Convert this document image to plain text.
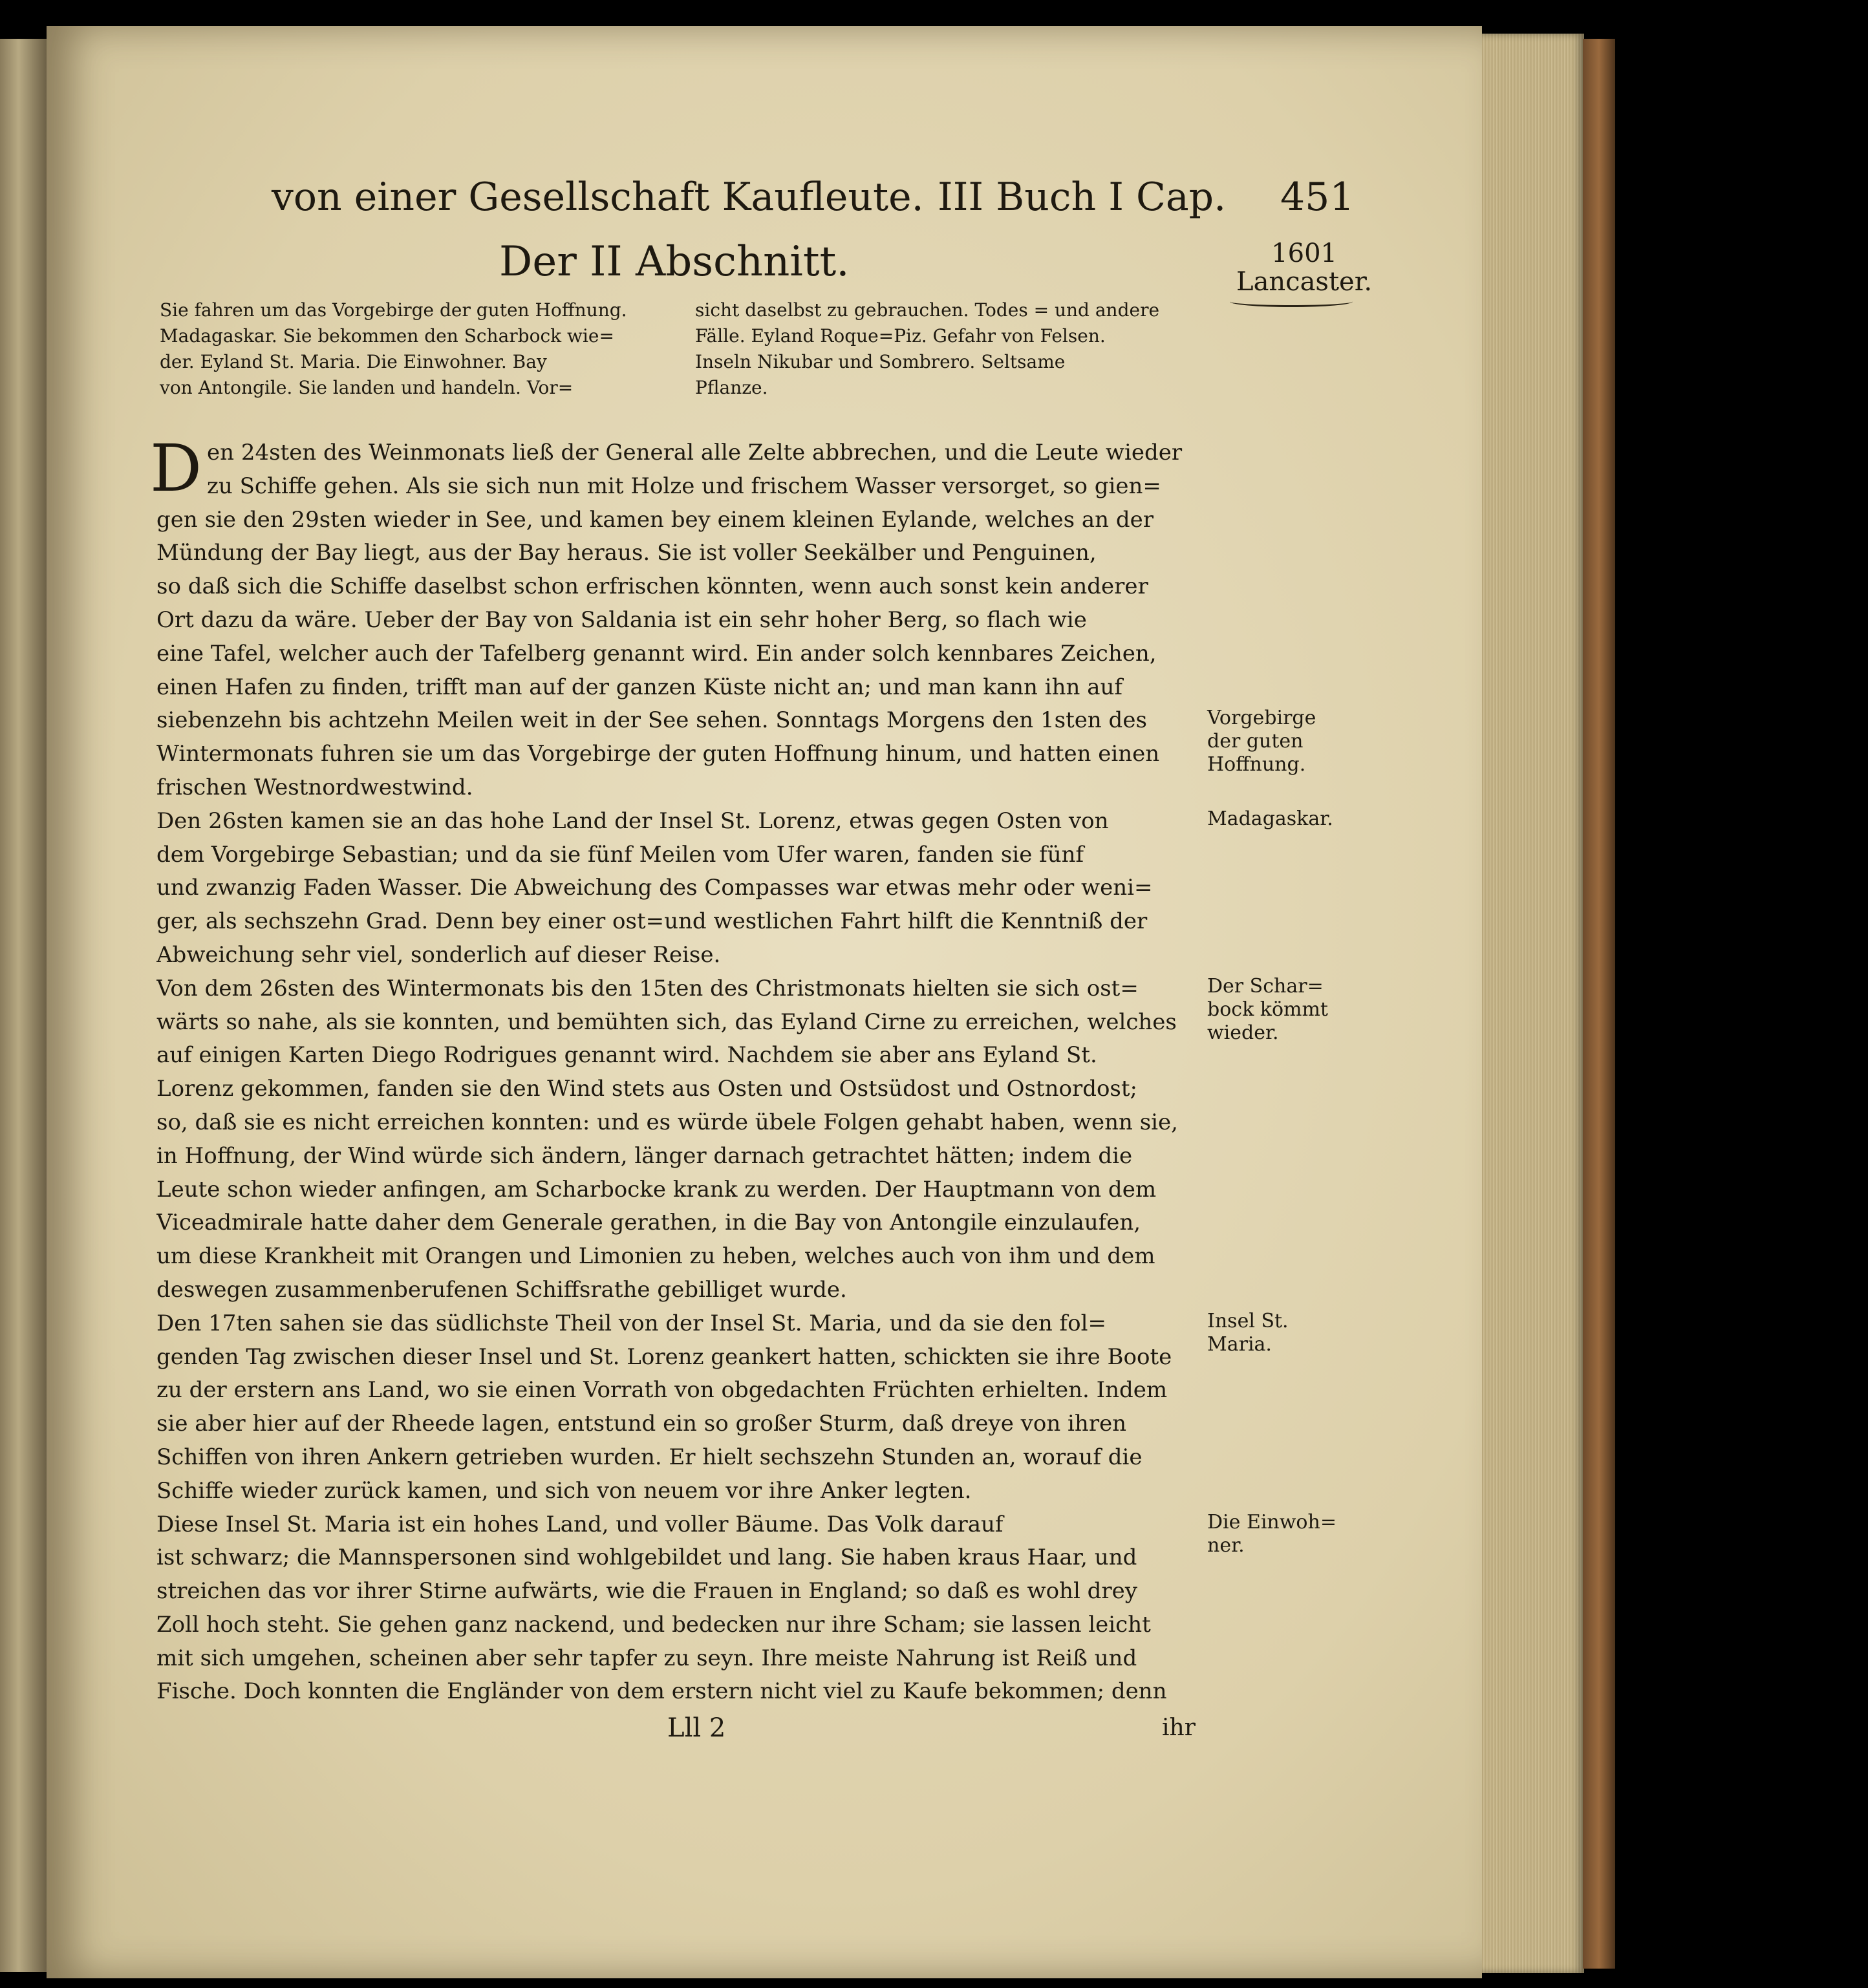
von einer Gesellschaft Kaufleute. III Buch I Cap. 451
Der II Abschnitt.	1601
Lancaster.
Sie fahren um das Vorgebirge der guten Hoffnung.
Madagaskar. Sie bekommen den Scharbock wie=
der. Eyland St. Maria. Die Einwohner. Bay
von Antongile. Sie landen und handeln. Vor=
sicht daselbst zu gebrauchen. Todes = und andere
Fälle. Eyland Roque=Piz. Gefahr von Felsen.
Inseln Nikubar und Sombrero. Seltsame
Pflanze.
D en 24sten des Weinmonats ließ der General alle Zelte abbrechen, und die Leute wieder
zu Schiffe gehen. Als sie sich nun mit Holze und frischem Wasser versorget, so gien=
gen sie den 29sten wieder in See, und kamen bey einem kleinen Eylande, welches an der
Mündung der Bay liegt, aus der Bay heraus. Sie ist voller Seekälber und Penguinen,
so daß sich die Schiffe daselbst schon erfrischen könnten, wenn auch sonst kein anderer
Ort dazu da wäre. Ueber der Bay von Saldania ist ein sehr hoher Berg, so flach wie
eine Tafel, welcher auch der Tafelberg genannt wird. Ein ander solch kennbares Zeichen,
einen Hafen zu finden, trifft man auf der ganzen Küste nicht an; und man kann ihn auf
siebenzehn bis achtzehn Meilen weit in der See sehen. Sonntags Morgens den 1sten des
Wintermonats fuhren sie um das Vorgebirge der guten Hoffnung hinum, und hatten einen
frischen Westnordwestwind.
Den 26sten kamen sie an das hohe Land der Insel St. Lorenz, etwas gegen Osten von
dem Vorgebirge Sebastian; und da sie fünf Meilen vom Ufer waren, fanden sie fünf
und zwanzig Faden Wasser. Die Abweichung des Compasses war etwas mehr oder weni=
ger, als sechszehn Grad. Denn bey einer ost=und westlichen Fahrt hilft die Kenntniß der
Abweichung sehr viel, sonderlich auf dieser Reise.
Von dem 26sten des Wintermonats bis den 15ten des Christmonats hielten sie sich ost=
wärts so nahe, als sie konnten, und bemühten sich, das Eyland Cirne zu erreichen, welches
auf einigen Karten Diego Rodrigues genannt wird. Nachdem sie aber ans Eyland St.
Lorenz gekommen, fanden sie den Wind stets aus Osten und Ostsüdost und Ostnordost;
so, daß sie es nicht erreichen konnten: und es würde übele Folgen gehabt haben, wenn sie,
in Hoffnung, der Wind würde sich ändern, länger darnach getrachtet hätten; indem die
Leute schon wieder anfingen, am Scharbocke krank zu werden. Der Hauptmann von dem
Viceadmirale hatte daher dem Generale gerathen, in die Bay von Antongile einzulaufen,
um diese Krankheit mit Orangen und Limonien zu heben, welches auch von ihm und dem
deswegen zusammenberufenen Schiffsrathe gebilliget wurde.
Den 17ten sahen sie das südlichste Theil von der Insel St. Maria, und da sie den fol=
genden Tag zwischen dieser Insel und St. Lorenz geankert hatten, schickten sie ihre Boote
zu der erstern ans Land, wo sie einen Vorrath von obgedachten Früchten erhielten. Indem
sie aber hier auf der Rheede lagen, entstund ein so großer Sturm, daß dreye von ihren
Schiffen von ihren Ankern getrieben wurden. Er hielt sechszehn Stunden an, worauf die
Schiffe wieder zurück kamen, und sich von neuem vor ihre Anker legten.
Diese Insel St. Maria ist ein hohes Land, und voller Bäume. Das Volk darauf
ist schwarz; die Mannspersonen sind wohlgebildet und lang. Sie haben kraus Haar, und
streichen das vor ihrer Stirne aufwärts, wie die Frauen in England; so daß es wohl drey
Zoll hoch steht. Sie gehen ganz nackend, und bedecken nur ihre Scham; sie lassen leicht
mit sich umgehen, scheinen aber sehr tapfer zu seyn. Ihre meiste Nahrung ist Reiß und
Fische. Doch konnten die Engländer von dem erstern nicht viel zu Kaufe bekommen; denn
Lll 2	ihr
Vorgebirge
der guten
Hoffnung.
Madagaskar.
Der Schar=
bock kömmt
wieder.
Insel St.
Maria.
Die Einwoh=
ner.
